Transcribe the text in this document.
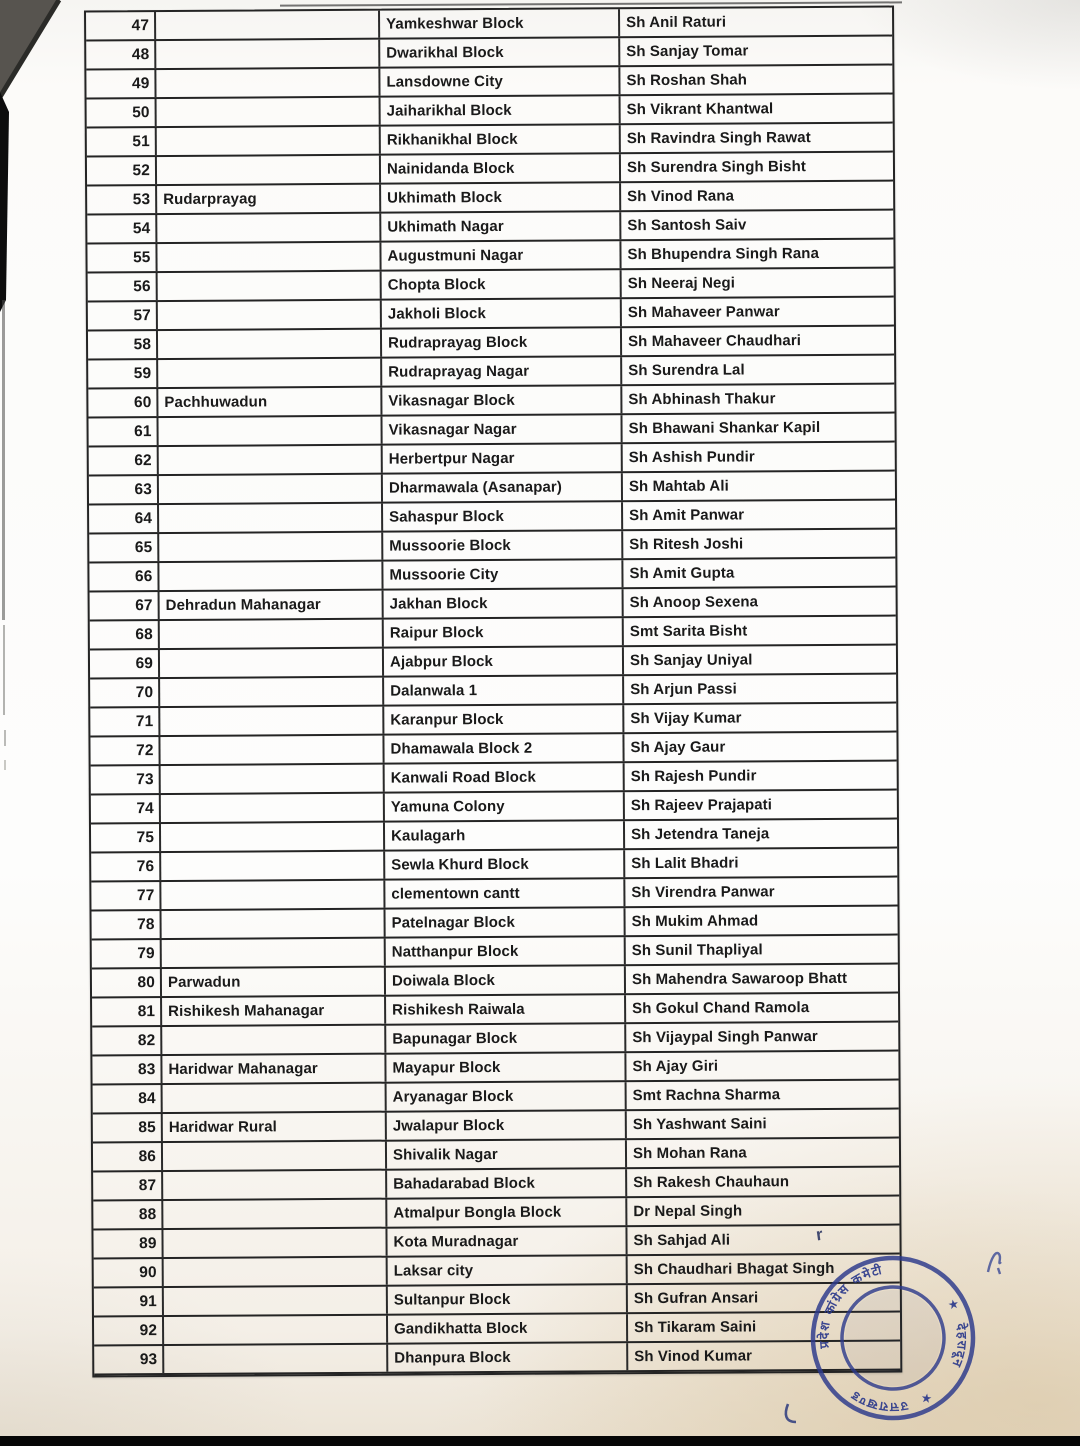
47	Yamkeshwar Block	Sh Anil Raturi
48	Dwarikhal Block	Sh Sanjay Tomar
49	Lansdowne City	Sh Roshan Shah
50	Jaiharikhal Block	Sh Vikrant Khantwal
51	Rikhanikhal Block	Sh Ravindra Singh Rawat
52	Nainidanda Block	Sh Surendra Singh Bisht
53 Rudarprayag	Ukhimath Block	Sh Vinod Rana
54	Ukhimath Nagar	Sh Santosh Saiv
55	Augustmuni Nagar	Sh Bhupendra Singh Rana
56	Chopta Block	Sh Neeraj Negi
57	Jakholi Block	Sh Mahaveer Panwar
58	Rudraprayag Block	Sh Mahaveer Chaudhari
59	Rudraprayag Nagar	Sh Surendra Lal
60 Pachhuwadun	Vikasnagar Block	Sh Abhinash Thakur
61	Vikasnagar Nagar	Sh Bhawani Shankar Kapil
62	Herbertpur Nagar	Sh Ashish Pundir
63	Dharmawala (Asanapar)	Sh Mahtab Ali
64	Sahaspur Block	Sh Amit Panwar
65	Mussoorie Block	Sh Ritesh Joshi
66	Mussoorie City	Sh Amit Gupta
67 Dehradun Mahanagar	Jakhan Block	Sh Anoop Sexena
68	Raipur Block	Smt Sarita Bisht
69	Ajabpur Block	Sh Sanjay Uniyal
70	Dalanwala 1	Sh Arjun Passi
71	Karanpur Block	Sh Vijay Kumar
72	Dhamawala Block 2	Sh Ajay Gaur
73	Kanwali Road Block	Sh Rajesh Pundir
74	Yamuna Colony	Sh Rajeev Prajapati
75	Kaulagarh	Sh Jetendra Taneja
76	Sewla Khurd Block	Sh Lalit Bhadri
77	clementown cantt	Sh Virendra Panwar
78	Patelnagar Block	Sh Mukim Ahmad
79	Natthanpur Block	Sh Sunil Thapliyal
80 Parwadun	Doiwala Block	Sh Mahendra Sawaroop Bhatt
81 Rishikesh Mahanagar	Rishikesh Raiwala	Sh Gokul Chand Ramola
82	Bapunagar Block	Sh Vijaypal Singh Panwar
83 Haridwar Mahanagar	Mayapur Block	Sh Ajay Giri
84	Aryanagar Block	Smt Rachna Sharma
85 Haridwar Rural	Jwalapur Block	Sh Yashwant Saini
86	Shivalik Nagar	Sh Mohan Rana
87	Bahadarabad Block	Sh Rakesh Chauhaun
88	Atmalpur Bongla Block	Dr Nepal Singh
89	Kota Muradnagar	Sh Sahjad Ali
90	Laksar city	Sh Chaudhari Bhagat Singh
91	Sultanpur Block	Sh Gufran Ansari
92	Gandikhatta Block	Sh Tikaram Saini
93	Dhanpura Block	Sh Vinod Kumar
r
प्रदेश कांग्रेस कमेटी
★
देहरादून
★
उत्तराखण्ड
